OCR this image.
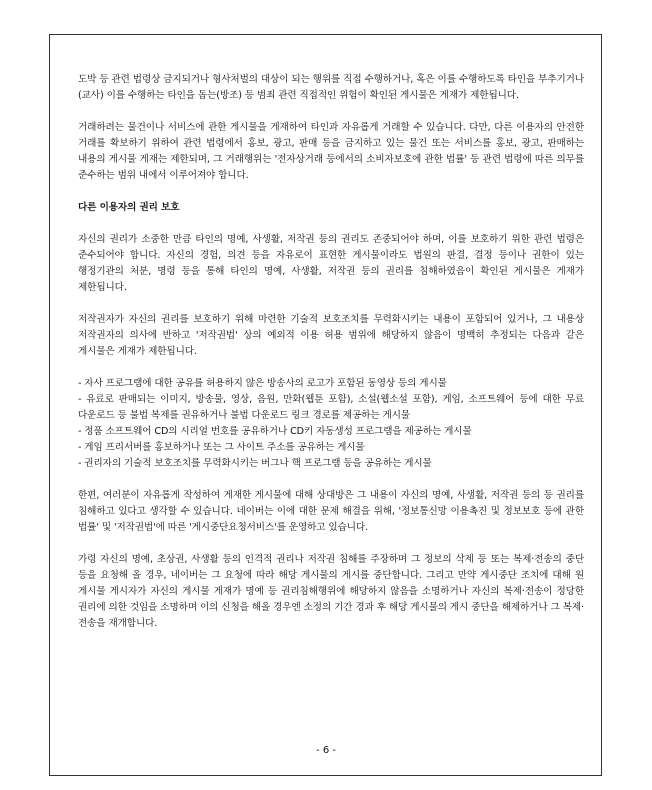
도박 등 관련 법령상 금지되거나 형사처벌의 대상이 되는 행위를 직접 수행하거나, 혹은 이를 수행하도록 타인을 부추기거나(교사) 이를 수행하는 타인을 돕는(방조) 등 범죄 관련 직접적인 위험이 확인된 게시물은 게재가 제한됩니다.

거래하려는 물건이나 서비스에 관한 게시물을 게재하여 타인과 자유롭게 거래할 수 있습니다. 다만, 다른 이용자의 안전한 거래를 확보하기 위하여 관련 법령에서 홍보, 광고, 판매 등을 금지하고 있는 물건 또는 서비스를 홍보, 광고, 판매하는 내용의 게시물 게재는 제한되며, 그 거래행위는 '전자상거래 등에서의 소비자보호에 관한 법률' 등 관련 법령에 따른 의무를 준수하는 범위 내에서 이루어져야 합니다.

다른 이용자의 권리 보호

자신의 권리가 소중한 만큼 타인의 명예, 사생활, 저작권 등의 권리도 존중되어야 하며, 이를 보호하기 위한 관련 법령은 준수되어야 합니다. 자신의 경험, 의견 등을 자유로이 표현한 게시물이라도 법원의 판결, 결정 등이나 권한이 있는 행정기관의 처분, 명령 등을 통해 타인의 명예, 사생활, 저작권 등의 권리를 침해하였음이 확인된 게시물은 게재가 제한됩니다.

저작권자가 자신의 권리를 보호하기 위해 마련한 기술적 보호조치를 무력화시키는 내용이 포함되어 있거나, 그 내용상 저작권자의 의사에 반하고 '저작권법' 상의 예외적 이용 허용 범위에 해당하지 않음이 명백히 추정되는 다음과 같은 게시물은 게재가 제한됩니다.

- 자사 프로그램에 대한 공유를 허용하지 않은 방송사의 로고가 포함된 동영상 등의 게시물

- 유료로 판매되는 이미지, 방송물, 영상, 음원, 만화(웹툰 포함), 소설(웹소설 포함), 게임, 소프트웨어 등에 대한 무료 다운로드 등 불법 복제를 권유하거나 불법 다운로드 링크 경로를 제공하는 게시물

- 정품 소프트웨어 CD의 시리얼 번호를 공유하거나 CD키 자동생성 프로그램을 제공하는 게시물

- 게임 프리서버를 홍보하거나 또는 그 사이트 주소를 공유하는 게시물

- 권리자의 기술적 보호조치를 무력화시키는 버그나 핵 프로그램 등을 공유하는 게시물

한편, 여러분이 자유롭게 작성하여 게재한 게시물에 대해 상대방은 그 내용이 자신의 명예, 사생활, 저작권 등의 등 권리를 침해하고 있다고 생각할 수 있습니다. 네이버는 이에 대한 문제 해결을 위해, '정보통신망 이용촉진 및 정보보호 등에 관한 법률' 및 '저작권법'에 따른 '게시중단요청서비스'를 운영하고 있습니다.

가령 자신의 명예, 초상권, 사생활 등의 인격적 권리나 저작권 침해를 주장하며 그 정보의 삭제 등 또는 복제·전송의 중단 등을 요청해 올 경우, 네이버는 그 요청에 따라 해당 게시물의 게시를 중단합니다. 그리고 만약 게시중단 조치에 대해 원 게시물 게시자가 자신의 게시물 게재가 명예 등 권리침해행위에 해당하지 않음을 소명하거나 자신의 복제·전송이 정당한 권리에 의한 것임을 소명하며 이의 신청을 해올 경우엔 소정의 기간 경과 후 해당 게시물의 게시 중단을 해제하거나 그 복제·전송을 재개합니다.

- 6 -
